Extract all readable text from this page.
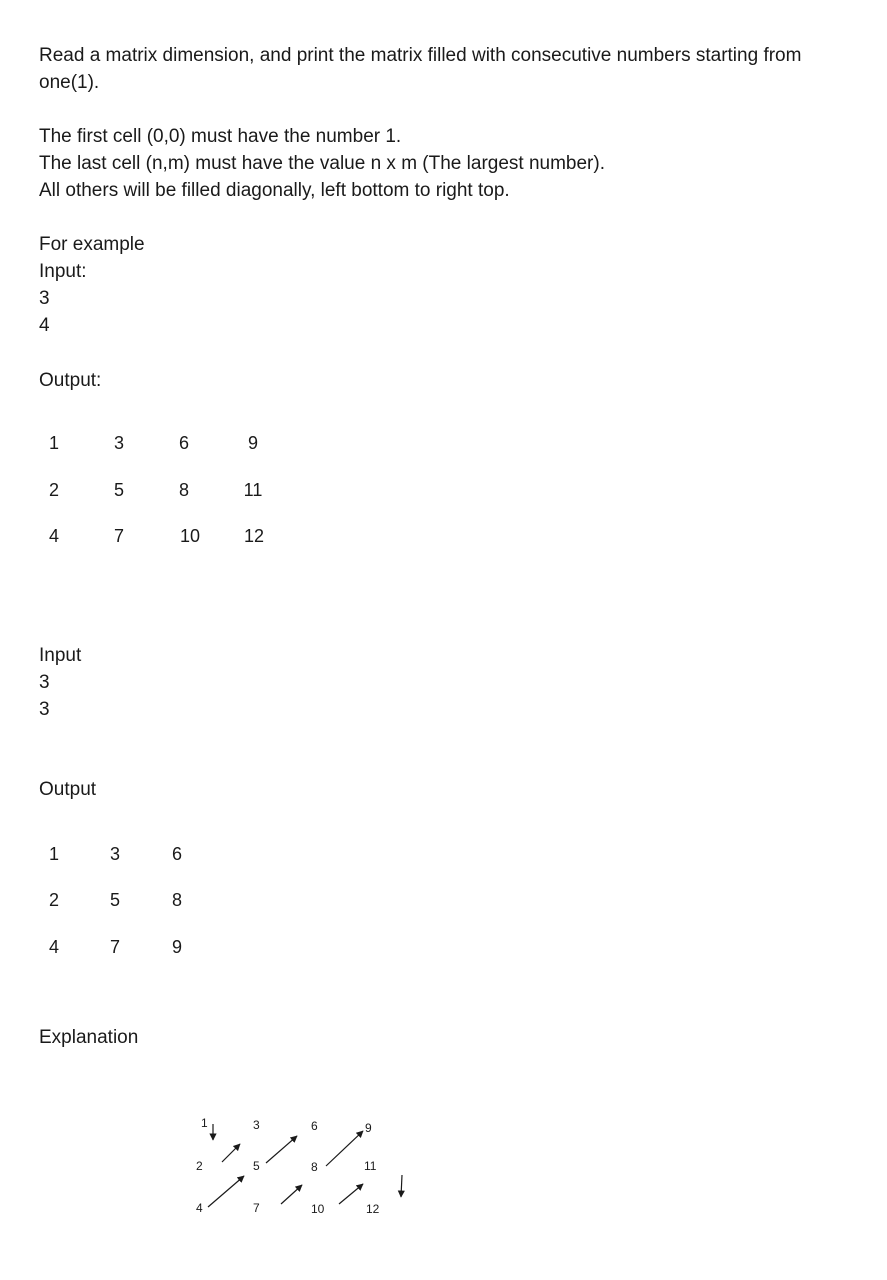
Read a matrix dimension, and print the matrix filled with consecutive numbers starting from
one(1).
The first cell (0,0) must have the number 1.
The last cell (n,m) must have the value n x m (The largest number).
All others will be filled diagonally, left bottom to right top.
For example
Input:
3
4
Output:
1	3	6	9
2	5	8	11
4	7	10	12
Input
3
3
Output
1	3	6
2	5	8
4	7	9
Explanation
1	3	6	9
2	5	8	11
4	7	10	12
